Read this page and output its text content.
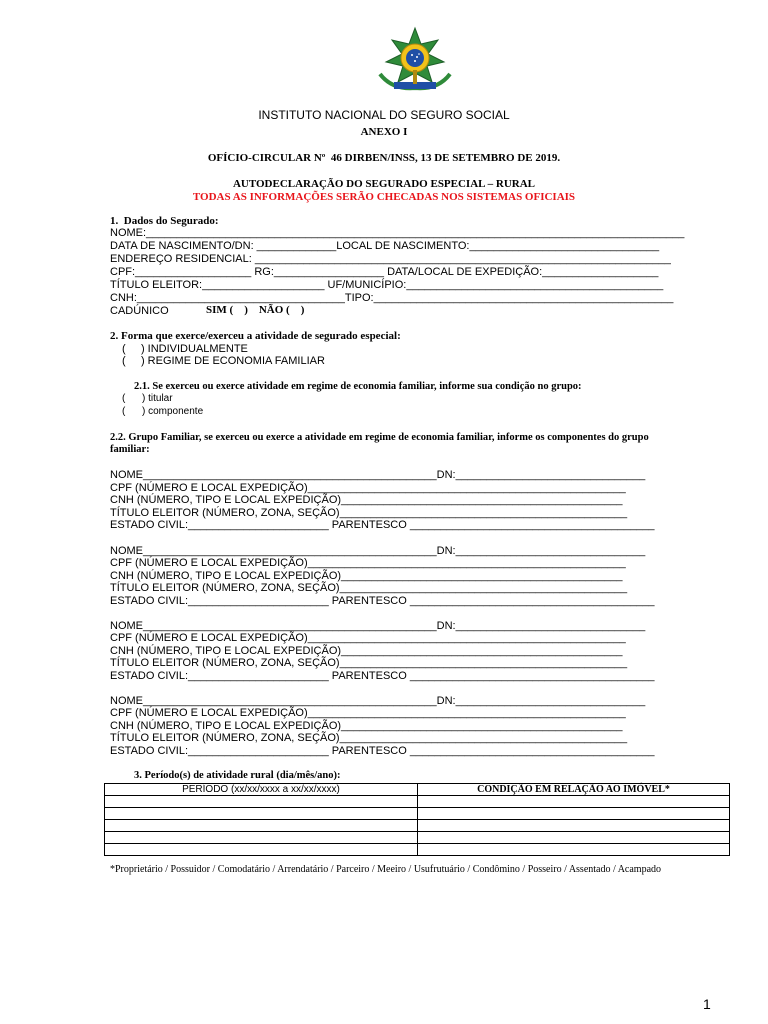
INSTITUTO NACIONAL DO SEGURO SOCIAL
ANEXO I
OFÍCIO-CIRCULAR Nº  46 DIRBEN/INSS, 13 DE SETEMBRO DE 2019.
AUTODECLARAÇÃO DO SEGURADO ESPECIAL – RURAL
TODAS AS INFORMAÇÕES SERÃO CHECADAS NOS SISTEMAS OFICIAIS
1.  Dados do Segurado:
NOME:________________________________________________________________________________________
DATA DE NASCIMENTO/DN: _____________LOCAL DE NASCIMENTO:_______________________________
ENDEREÇO RESIDENCIAL: ____________________________________________________________________
CPF:___________________ RG:__________________ DATA/LOCAL DE EXPEDIÇÃO:___________________
TÍTULO ELEITOR:____________________ UF/MUNICÍPIO:__________________________________________
CNH:__________________________________TIPO:_________________________________________________
CADÚNICO	SIM (    )    NÃO (    )
2. Forma que exerce/exerceu a atividade de segurado especial:
(     ) INDIVIDUALMENTE
(     ) REGIME DE ECONOMIA FAMILIAR
2.1. Se exerceu ou exerce atividade em regime de economia familiar, informe sua condição no grupo:
(      ) titular
(      ) componente
2.2. Grupo Familiar, se exerceu ou exerce a atividade em regime de economia familiar, informe os componentes do grupo
familiar:
NOME________________________________________________DN:_______________________________
CPF (NÚMERO E LOCAL EXPEDIÇÃO)____________________________________________________
CNH (NÚMERO, TIPO E LOCAL EXPEDIÇÃO)______________________________________________
TÍTULO ELEITOR (NÚMERO, ZONA, SEÇÃO)_______________________________________________
ESTADO CIVIL:_______________________ PARENTESCO ________________________________________
NOME________________________________________________DN:_______________________________
CPF (NÚMERO E LOCAL EXPEDIÇÃO)____________________________________________________
CNH (NÚMERO, TIPO E LOCAL EXPEDIÇÃO)______________________________________________
TÍTULO ELEITOR (NÚMERO, ZONA, SEÇÃO)_______________________________________________
ESTADO CIVIL:_______________________ PARENTESCO ________________________________________
NOME________________________________________________DN:_______________________________
CPF (NÚMERO E LOCAL EXPEDIÇÃO)____________________________________________________
CNH (NÚMERO, TIPO E LOCAL EXPEDIÇÃO)______________________________________________
TÍTULO ELEITOR (NÚMERO, ZONA, SEÇÃO)_______________________________________________
ESTADO CIVIL:_______________________ PARENTESCO ________________________________________
NOME________________________________________________DN:_______________________________
CPF (NÚMERO E LOCAL EXPEDIÇÃO)____________________________________________________
CNH (NÚMERO, TIPO E LOCAL EXPEDIÇÃO)______________________________________________
TÍTULO ELEITOR (NÚMERO, ZONA, SEÇÃO)_______________________________________________
ESTADO CIVIL:_______________________ PARENTESCO ________________________________________
3. Período(s) de atividade rural (dia/mês/ano):
PERÍODO (xx/xx/xxxx a xx/xx/xxxx)	CONDIÇÃO EM RELAÇÃO AO IMÓVEL*

*Proprietário / Possuidor / Comodatário / Arrendatário / Parceiro / Meeiro / Usufrutuário / Condômino / Posseiro / Assentado / Acampado
1
